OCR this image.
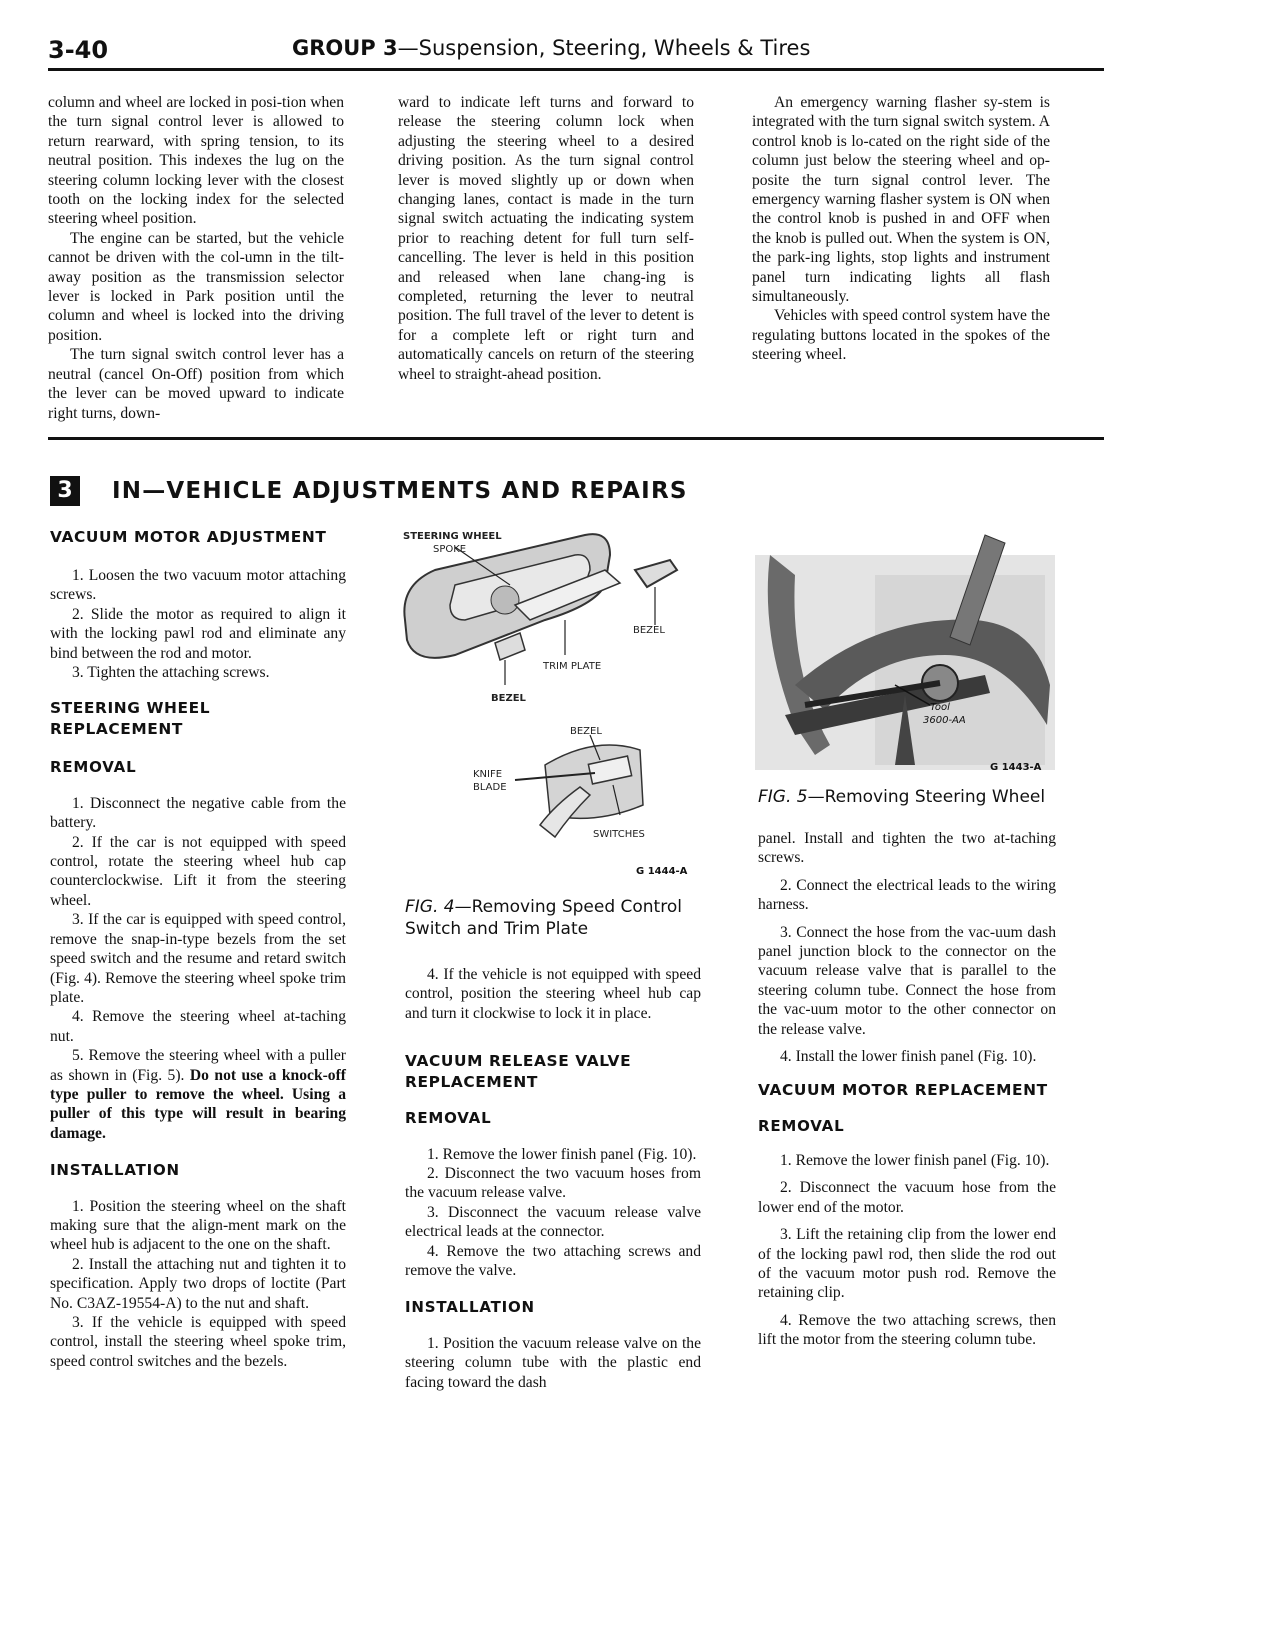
3-40	GROUP 3—Suspension, Steering, Wheels & Tires

column and wheel are locked in posi-tion when the turn signal control lever is allowed to return rearward, with spring tension, to its neutral position. This indexes the lug on the steering column locking lever with the closest tooth on the locking index for the selected steering wheel position.

The engine can be started, but the vehicle cannot be driven with the col-umn in the tilt-away position as the transmission selector lever is locked in Park position until the column and wheel is locked into the driving position.

The turn signal switch control lever has a neutral (cancel On-Off) position from which the lever can be moved upward to indicate right turns, down-

ward to indicate left turns and forward to release the steering column lock when adjusting the steering wheel to a desired driving position. As the turn signal control lever is moved slightly up or down when changing lanes, contact is made in the turn signal switch actuating the indicating system prior to reaching detent for full turn self-cancelling. The lever is held in this position and released when lane chang-ing is completed, returning the lever to neutral position. The full travel of the lever to detent is for a complete left or right turn and automatically cancels on return of the steering wheel to straight-ahead position.

An emergency warning flasher sy-stem is integrated with the turn signal switch system. A control knob is lo-cated on the right side of the column just below the steering wheel and op-posite the turn signal control lever. The emergency warning flasher system is ON when the control knob is pushed in and OFF when the knob is pulled out. When the system is ON, the park-ing lights, stop lights and instrument panel turn indicating lights all flash simultaneously.

Vehicles with speed control system have the regulating buttons located in the spokes of the steering wheel.

3	IN—VEHICLE ADJUSTMENTS AND REPAIRS

VACUUM MOTOR ADJUSTMENT

1. Loosen the two vacuum motor attaching screws.

2. Slide the motor as required to align it with the locking pawl rod and eliminate any bind between the rod and motor.

3. Tighten the attaching screws.

STEERING WHEEL REPLACEMENT

REMOVAL

1. Disconnect the negative cable from the battery.

2. If the car is not equipped with speed control, rotate the steering wheel hub cap counterclockwise. Lift it from the steering wheel.

3. If the car is equipped with speed control, remove the snap-in-type bezels from the set speed switch and the resume and retard switch (Fig. 4). Remove the steering wheel spoke trim plate.

4. Remove the steering wheel at-taching nut.

5. Remove the steering wheel with a puller as shown in (Fig. 5). Do not use a knock-off type puller to remove the wheel. Using a puller of this type will result in bearing damage.

INSTALLATION

1. Position the steering wheel on the shaft making sure that the align-ment mark on the wheel hub is adjacent to the one on the shaft.

2. Install the attaching nut and tighten it to specification. Apply two drops of loctite (Part No. C3AZ-19554-A) to the nut and shaft.

3. If the vehicle is equipped with speed control, install the steering wheel spoke trim, speed control switches and the bezels.

STEERING WHEEL
SPOKE
BEZEL
TRIM PLATE
BEZEL
BEZEL
KNIFE
BLADE
SWITCHES
G 1444-A
FIG. 4—Removing Speed Control Switch and Trim Plate

4. If the vehicle is not equipped with speed control, position the steering wheel hub cap and turn it clockwise to lock it in place.

VACUUM RELEASE VALVE REPLACEMENT

REMOVAL

1. Remove the lower finish panel (Fig. 10).

2. Disconnect the two vacuum hoses from the vacuum release valve.

3. Disconnect the vacuum release valve electrical leads at the connector.

4. Remove the two attaching screws and remove the valve.

INSTALLATION

1. Position the vacuum release valve on the steering column tube with the plastic end facing toward the dash

Tool
3600-AA
G 1443-A
FIG. 5—Removing Steering Wheel

panel. Install and tighten the two at-taching screws.

2. Connect the electrical leads to the wiring harness.

3. Connect the hose from the vac-uum dash panel junction block to the connector on the vacuum release valve that is parallel to the steering column tube. Connect the hose from the vac-uum motor to the other connector on the release valve.

4. Install the lower finish panel (Fig. 10).

VACUUM MOTOR REPLACEMENT

REMOVAL

1. Remove the lower finish panel (Fig. 10).

2. Disconnect the vacuum hose from the lower end of the motor.

3. Lift the retaining clip from the lower end of the locking pawl rod, then slide the rod out of the vacuum motor push rod. Remove the retaining clip.

4. Remove the two attaching screws, then lift the motor from the steering column tube.
